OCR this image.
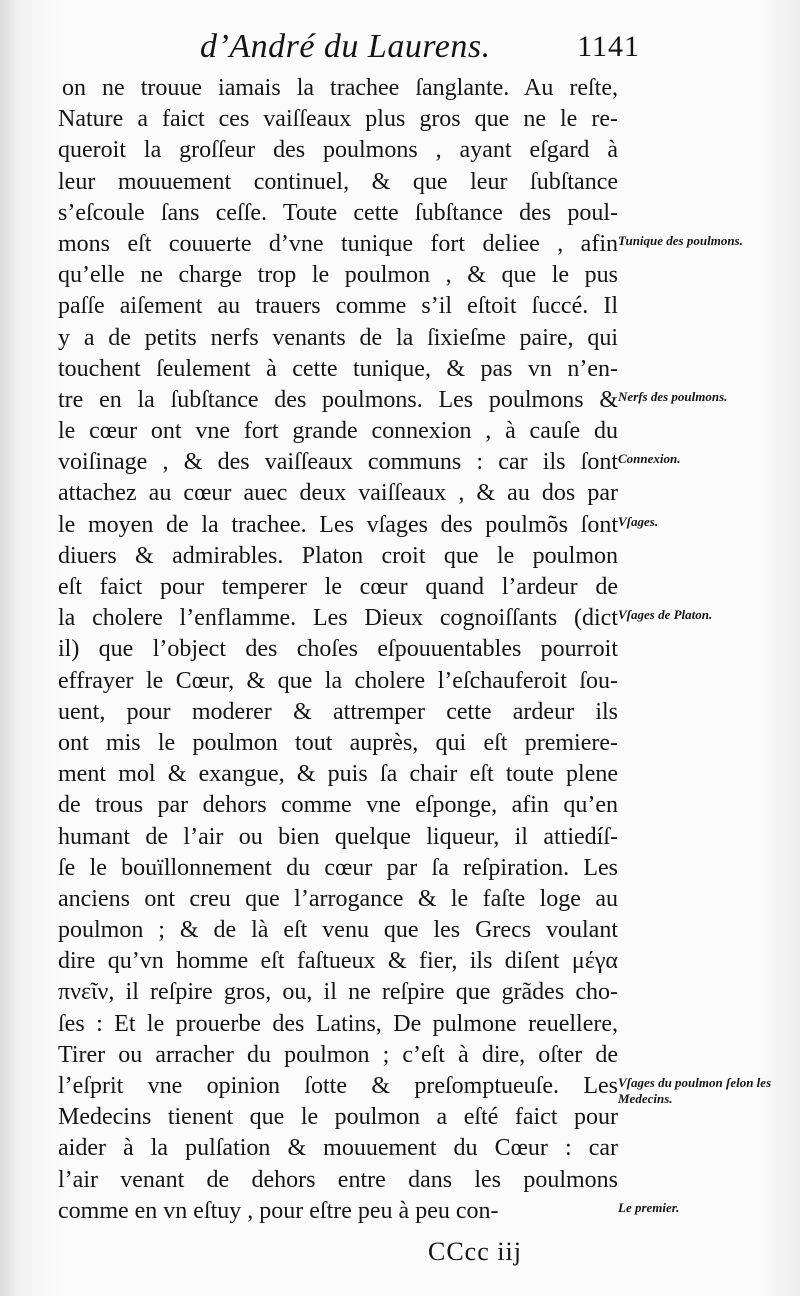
d’André du Laurens.	1141
on ne trouue iamais la trachee ſanglante. Au reſte,
Nature a faict ces vaiſſeaux plus gros que ne le re-
queroit la groſſeur des poulmons , ayant eſgard à
leur mouuement continuel, & que leur ſubſtance
s’eſcoule ſans ceſſe. Toute cette ſubſtance des poul-
mons eſt couuerte d’vne tunique fort deliee , afin
qu’elle ne charge trop le poulmon , & que le pus
paſſe aiſement au trauers comme s’il eſtoit ſuccé. Il
y a de petits nerfs venants de la ſixieſme paire, qui
touchent ſeulement à cette tunique, & pas vn n’en-
tre en la ſubſtance des poulmons. Les poulmons &
le cœur ont vne fort grande connexion , à cauſe du
voiſinage , & des vaiſſeaux communs : car ils ſont
attachez au cœur auec deux vaiſſeaux , & au dos par
le moyen de la trachee. Les vſages des poulmõs ſont
diuers & admirables. Platon croit que le poulmon
eſt faict pour temperer le cœur quand l’ardeur de
la cholere l’enflamme. Les Dieux cognoiſſants (dict
il) que l’object des choſes eſpouuentables pourroit
effrayer le Cœur, & que la cholere l’eſchauferoit ſou-
uent, pour moderer & attremper cette ardeur ils
ont mis le poulmon tout auprès, qui eſt premiere-
ment mol & exangue, & puis ſa chair eſt toute plene
de trous par dehors comme vne eſponge, afin qu’en
humant de l’air ou bien quelque liqueur, il attiedíſ-
ſe le bouïllonnement du cœur par ſa reſpiration. Les
anciens ont creu que l’arrogance & le faſte loge au
poulmon ; & de là eſt venu que les Grecs voulant
dire qu’vn homme eſt faſtueux & fier, ils diſent μέγα
πνεῖν, il reſpire gros, ou, il ne reſpire que grãdes cho-
ſes : Et le prouerbe des Latins, De pulmone reuellere,
Tirer ou arracher du poulmon ; c’eſt à dire, oſter de
l’eſprit vne opinion ſotte & preſomptueuſe. Les
Medecins tienent que le poulmon a eſté faict pour
aider à la pulſation & mouuement du Cœur : car
l’air venant de dehors entre dans les poulmons
comme en vn eſtuy , pour eſtre peu à peu con-
Tunique des poulmons.
Nerfs des poulmons.
Connexion.
Vſages.
Vſages de Platon.
Vſages du poulmon ſelon les Medecins.
Le premier.
CCcc iij
